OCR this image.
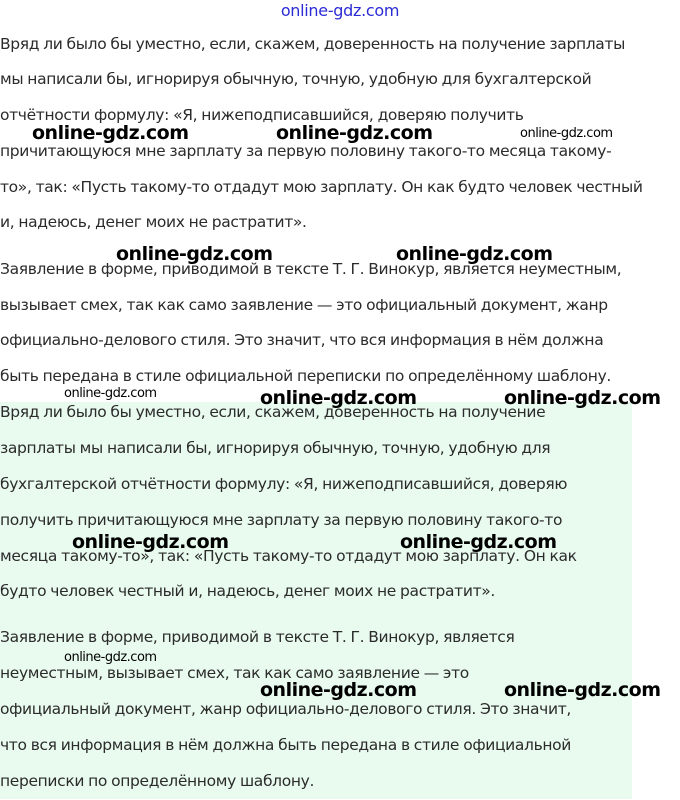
online-gdz.com

Вряд ли было бы уместно, если, скажем, доверенность на получение зарплаты

мы написали бы, игнорируя обычную, точную, удобную для бухгалтерской

отчётности формулу: «Я, нижеподписавшийся, доверяю получить

причитающуюся мне зарплату за первую половину такого-то месяца такому-

то», так: «Пусть такому-то отдадут мою зарплату. Он как будто человек честный

и, надеюсь, денег моих не растратит».

Заявление в форме, приводимой в тексте Т. Г. Винокур, является неуместным,

вызывает смех, так как само заявление — это официальный документ, жанр

официально-делового стиля. Это значит, что вся информация в нём должна

быть передана в стиле официальной переписки по определённому шаблону.

Вряд ли было бы уместно, если, скажем, доверенность на получение

зарплаты мы написали бы, игнорируя обычную, точную, удобную для

бухгалтерской отчётности формулу: «Я, нижеподписавшийся, доверяю

получить причитающуюся мне зарплату за первую половину такого-то

месяца такому-то», так: «Пусть такому-то отдадут мою зарплату. Он как

будто человек честный и, надеюсь, денег моих не растратит».

Заявление в форме, приводимой в тексте Т. Г. Винокур, является

неуместным, вызывает смех, так как само заявление — это

официальный документ, жанр официально-делового стиля. Это значит,

что вся информация в нём должна быть передана в стиле официальной

переписки по определённому шаблону.

online-gdz.com	online-gdz.com	online-gdz.com
online-gdz.com	online-gdz.com
online-gdz.com	online-gdz.com	online-gdz.com
online-gdz.com	online-gdz.com
online-gdz.com
online-gdz.com	online-gdz.com
